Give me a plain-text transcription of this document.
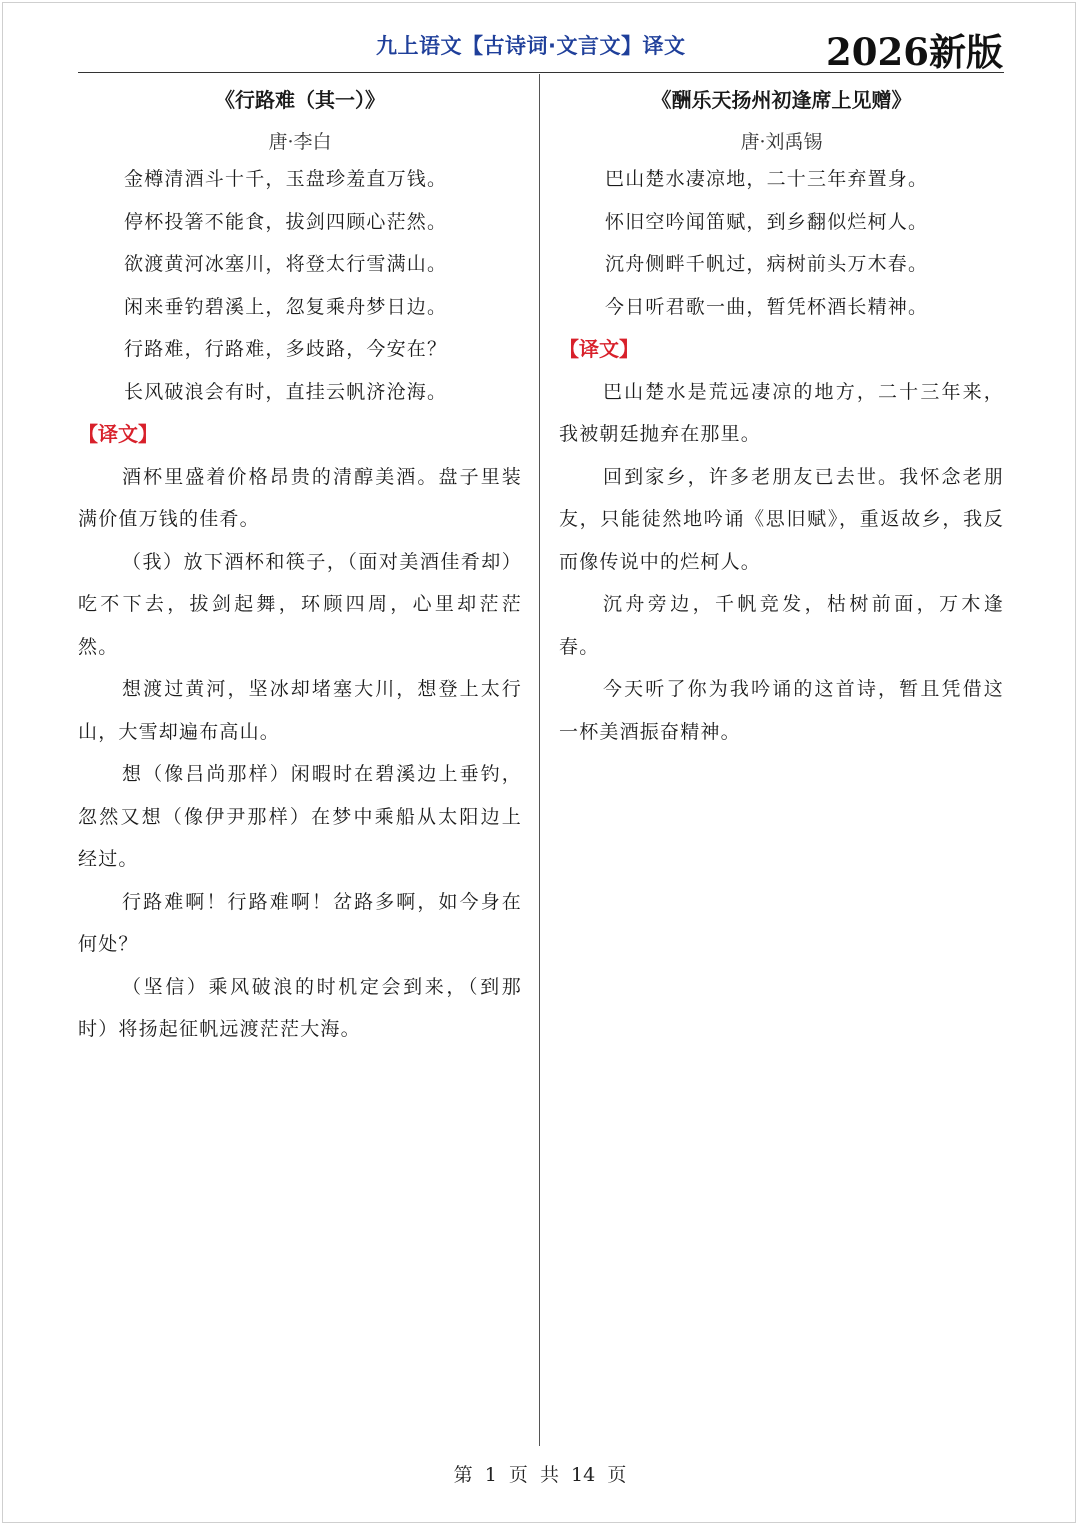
九上语文【古诗词·文言文】译文	2026新版
《行路难（其一）》
唐·李白
金樽清酒斗十千，玉盘珍羞直万钱。
停杯投箸不能食，拔剑四顾心茫然。
欲渡黄河冰塞川，将登太行雪满山。
闲来垂钓碧溪上，忽复乘舟梦日边。
行路难，行路难，多歧路，今安在？
长风破浪会有时，直挂云帆济沧海。
【译文】

酒杯里盛着价格昂贵的清醇美酒。盘子里装满价值万钱的佳肴。

（我）放下酒杯和筷子，（面对美酒佳肴却）吃不下去，拔剑起舞，环顾四周，心里却茫茫然。

想渡过黄河，坚冰却堵塞大川，想登上太行山，大雪却遍布高山。

想（像吕尚那样）闲暇时在碧溪边上垂钓，忽然又想（像伊尹那样）在梦中乘船从太阳边上经过。

行路难啊！行路难啊！岔路多啊，如今身在何处？

（坚信）乘风破浪的时机定会到来，（到那时）将扬起征帆远渡茫茫大海。

《酬乐天扬州初逢席上见赠》
唐·刘禹锡
巴山楚水凄凉地，二十三年弃置身。
怀旧空吟闻笛赋，到乡翻似烂柯人。
沉舟侧畔千帆过，病树前头万木春。
今日听君歌一曲，暂凭杯酒长精神。
【译文】

巴山楚水是荒远凄凉的地方，二十三年来，我被朝廷抛弃在那里。

回到家乡，许多老朋友已去世。我怀念老朋友，只能徒然地吟诵《思旧赋》，重返故乡，我反而像传说中的烂柯人。

沉舟旁边，千帆竞发，枯树前面，万木逢春。

今天听了你为我吟诵的这首诗，暂且凭借这一杯美酒振奋精神。

第  1  页  共  14  页
